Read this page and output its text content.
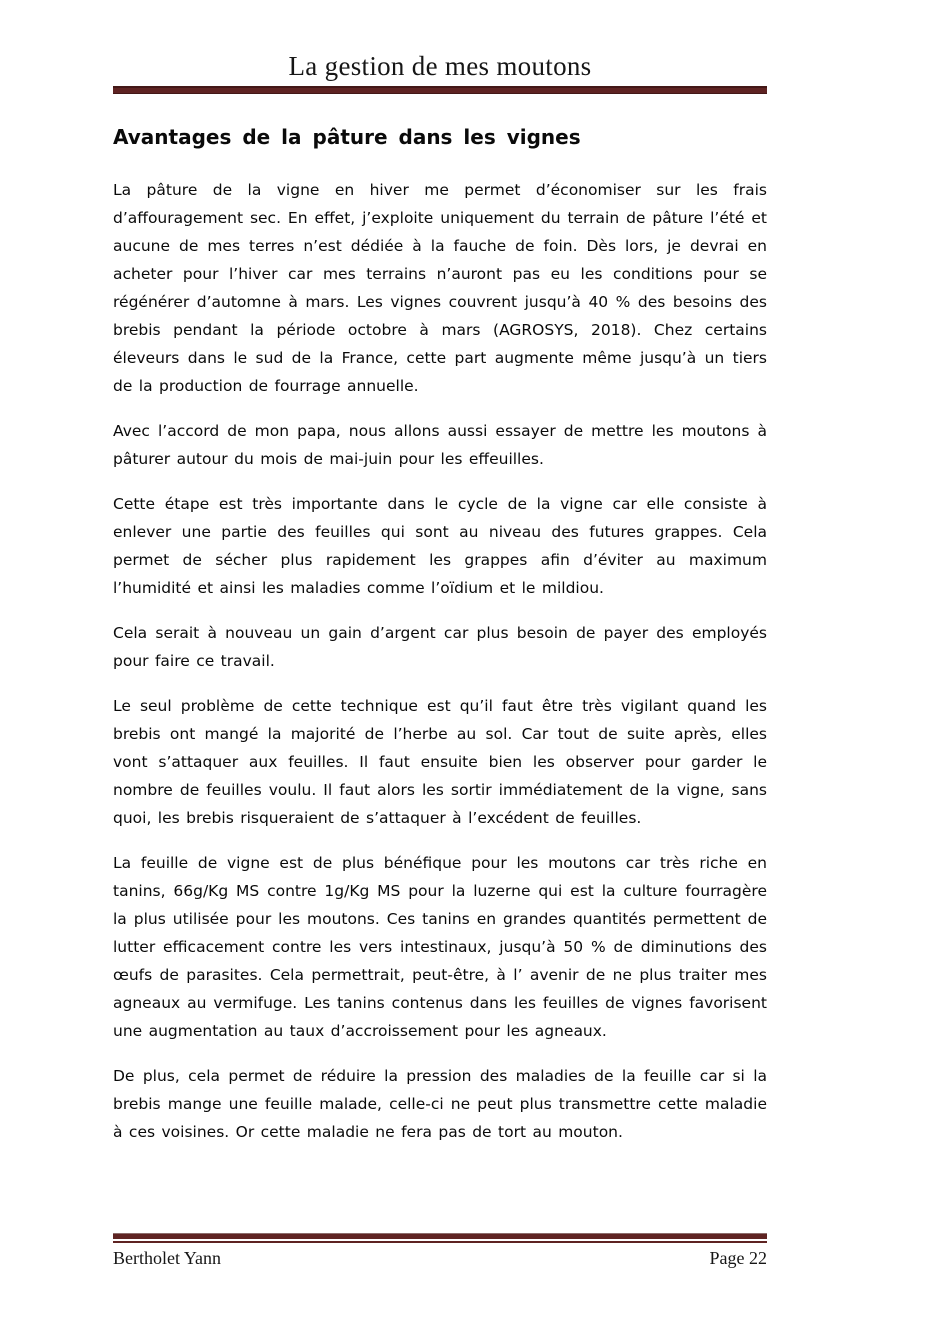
La gestion de mes moutons
Avantages de la pâture dans les vignes

La pâture de la vigne en hiver me permet d’économiser sur les frais d’affouragement sec. En effet, j’exploite uniquement du terrain de pâture l’été et aucune de mes terres n’est dédiée à la fauche de foin. Dès lors, je devrai en acheter pour l’hiver car mes terrains n’auront pas eu les conditions pour se régénérer d’automne à mars. Les vignes couvrent jusqu’à 40 % des besoins des brebis pendant la période octobre à mars (AGROSYS, 2018). Chez certains éleveurs dans le sud de la France, cette part augmente même jusqu’à un tiers de la production de fourrage annuelle.

Avec l’accord de mon papa, nous allons aussi essayer de mettre les moutons à pâturer autour du mois de mai-juin pour les effeuilles.

Cette étape est très importante dans le cycle de la vigne car elle consiste à enlever une partie des feuilles qui sont au niveau des futures grappes. Cela permet de sécher plus rapidement les grappes afin d’éviter au maximum l’humidité et ainsi les maladies comme l’oïdium et le mildiou.

Cela serait à nouveau un gain d’argent car plus besoin de payer des employés pour faire ce travail.

Le seul problème de cette technique est qu’il faut être très vigilant quand les brebis ont mangé la majorité de l’herbe au sol. Car tout de suite après, elles vont s’attaquer aux feuilles. Il faut ensuite bien les observer pour garder le nombre de feuilles voulu. Il faut alors les sortir immédiatement de la vigne, sans quoi, les brebis risqueraient de s’attaquer à l’excédent de feuilles.

La feuille de vigne est de plus bénéfique pour les moutons car très riche en tanins, 66g/Kg MS contre 1g/Kg MS pour la luzerne qui est la culture fourragère la plus utilisée pour les moutons. Ces tanins en grandes quantités permettent de lutter efficacement contre les vers intestinaux, jusqu’à 50 % de diminutions des œufs de parasites. Cela permettrait, peut-être, à l’ avenir de ne plus traiter mes agneaux au vermifuge. Les tanins contenus dans les feuilles de vignes favorisent une augmentation au taux d’accroissement pour les agneaux.

De plus, cela permet de réduire la pression des maladies de la feuille car si la brebis mange une feuille malade, celle-ci ne peut plus transmettre cette maladie à ces voisines. Or cette maladie ne fera pas de tort au mouton.

Bertholet Yann	Page 22
